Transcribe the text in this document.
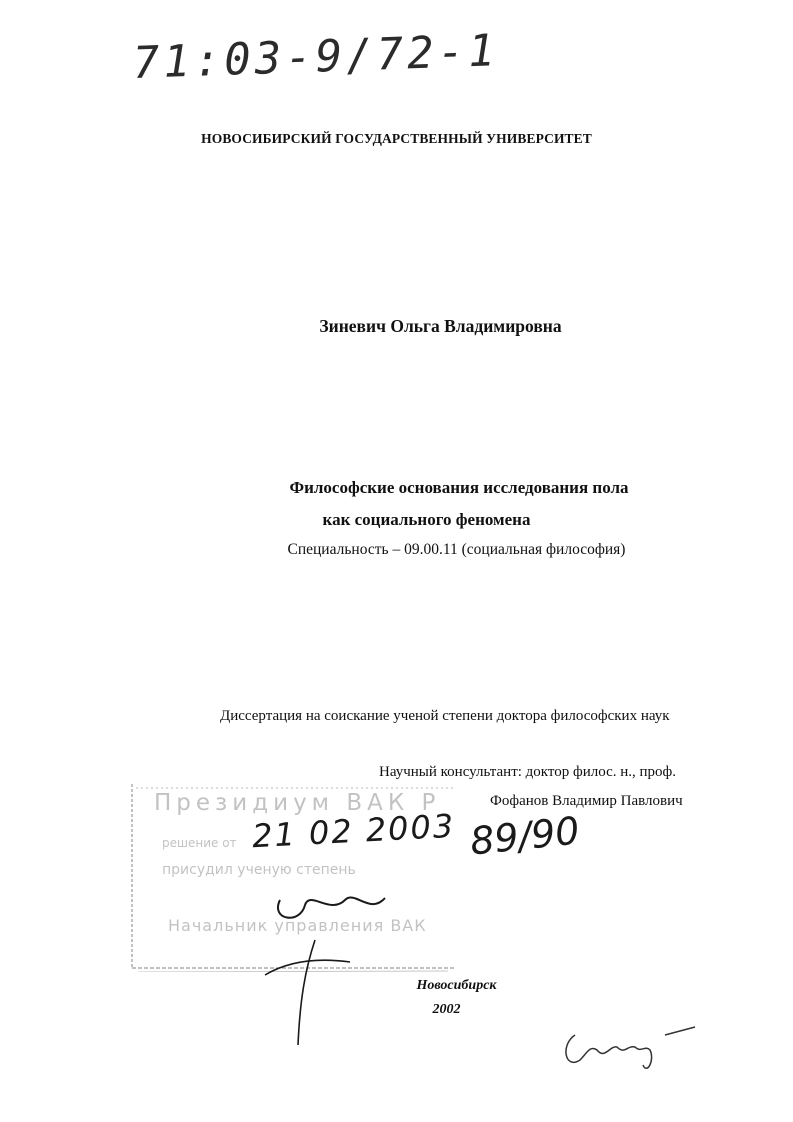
71:03-9/72-1
НОВОСИБИРСКИЙ ГОСУДАРСТВЕННЫЙ УНИВЕРСИТЕТ
Зиневич Ольга Владимировна
Философские основания исследования пола
как социального феномена
Специальность – 09.00.11 (социальная философия)
Диссертация на соискание ученой степени доктора философских наук
Научный консультант: доктор филос. н., проф.
Фофанов Владимир Павлович
Президиум ВАК Р
решение от
присудил ученую степень
Начальник управления ВАК
21 02 2003 89/90
Новосибирск
2002
